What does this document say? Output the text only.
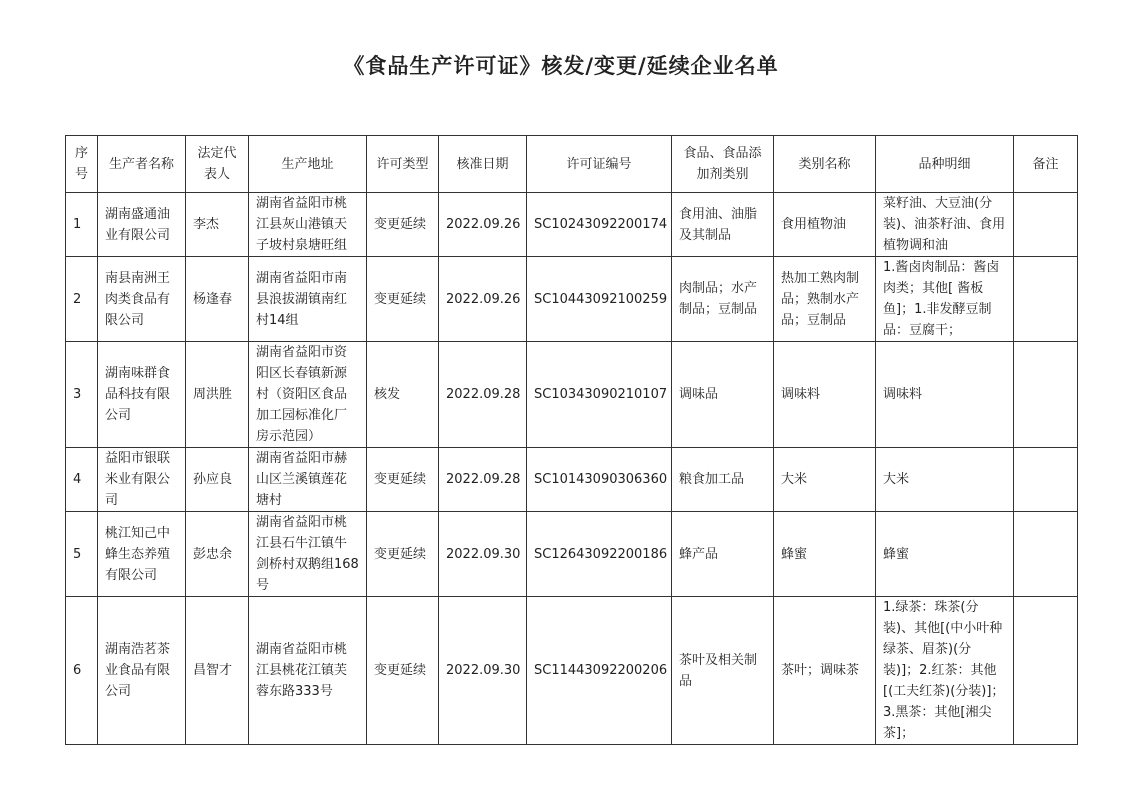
《食品生产许可证》核发/变更/延续企业名单
序号	生产者名称	法定代表人	生产地址	许可类型	核准日期	许可证编号	食品、食品添加剂类别	类别名称	品种明细	备注
1	湖南盛通油业有限公司	李杰	湖南省益阳市桃江县灰山港镇天子坡村泉塘旺组	变更延续	2022.09.26	SC10243092200174	食用油、油脂及其制品	食用植物油	菜籽油、大豆油(分装)、油茶籽油、食用植物调和油	
2	南县南洲王肉类食品有限公司	杨逢春	湖南省益阳市南县浪拔湖镇南红村14组	变更延续	2022.09.26	SC10443092100259	肉制品；水产制品；豆制品	热加工熟肉制品；熟制水产品；豆制品	1.酱卤肉制品：酱卤肉类；其他[ 酱板鱼]；1.非发酵豆制品：豆腐干；	
3	湖南味群食品科技有限公司	周洪胜	湖南省益阳市资阳区长春镇新源村（资阳区食品加工园标准化厂房示范园）	核发	2022.09.28	SC10343090210107	调味品	调味料	调味料	
4	益阳市银联米业有限公司	孙应良	湖南省益阳市赫山区兰溪镇莲花塘村	变更延续	2022.09.28	SC10143090306360	粮食加工品	大米	大米	
5	桃江知己中蜂生态养殖有限公司	彭忠余	湖南省益阳市桃江县石牛江镇牛剑桥村双鹅组168号	变更延续	2022.09.30	SC12643092200186	蜂产品	蜂蜜	蜂蜜	
6	湖南浩茗茶业食品有限公司	昌智才	湖南省益阳市桃江县桃花江镇芙蓉东路333号	变更延续	2022.09.30	SC11443092200206	茶叶及相关制品	茶叶；调味茶	1.绿茶：珠茶(分装)、其他[(中小叶种绿茶、眉茶)(分装)]；2.红茶：其他[(工夫红茶)(分装)]；3.黑茶：其他[湘尖茶]；	
